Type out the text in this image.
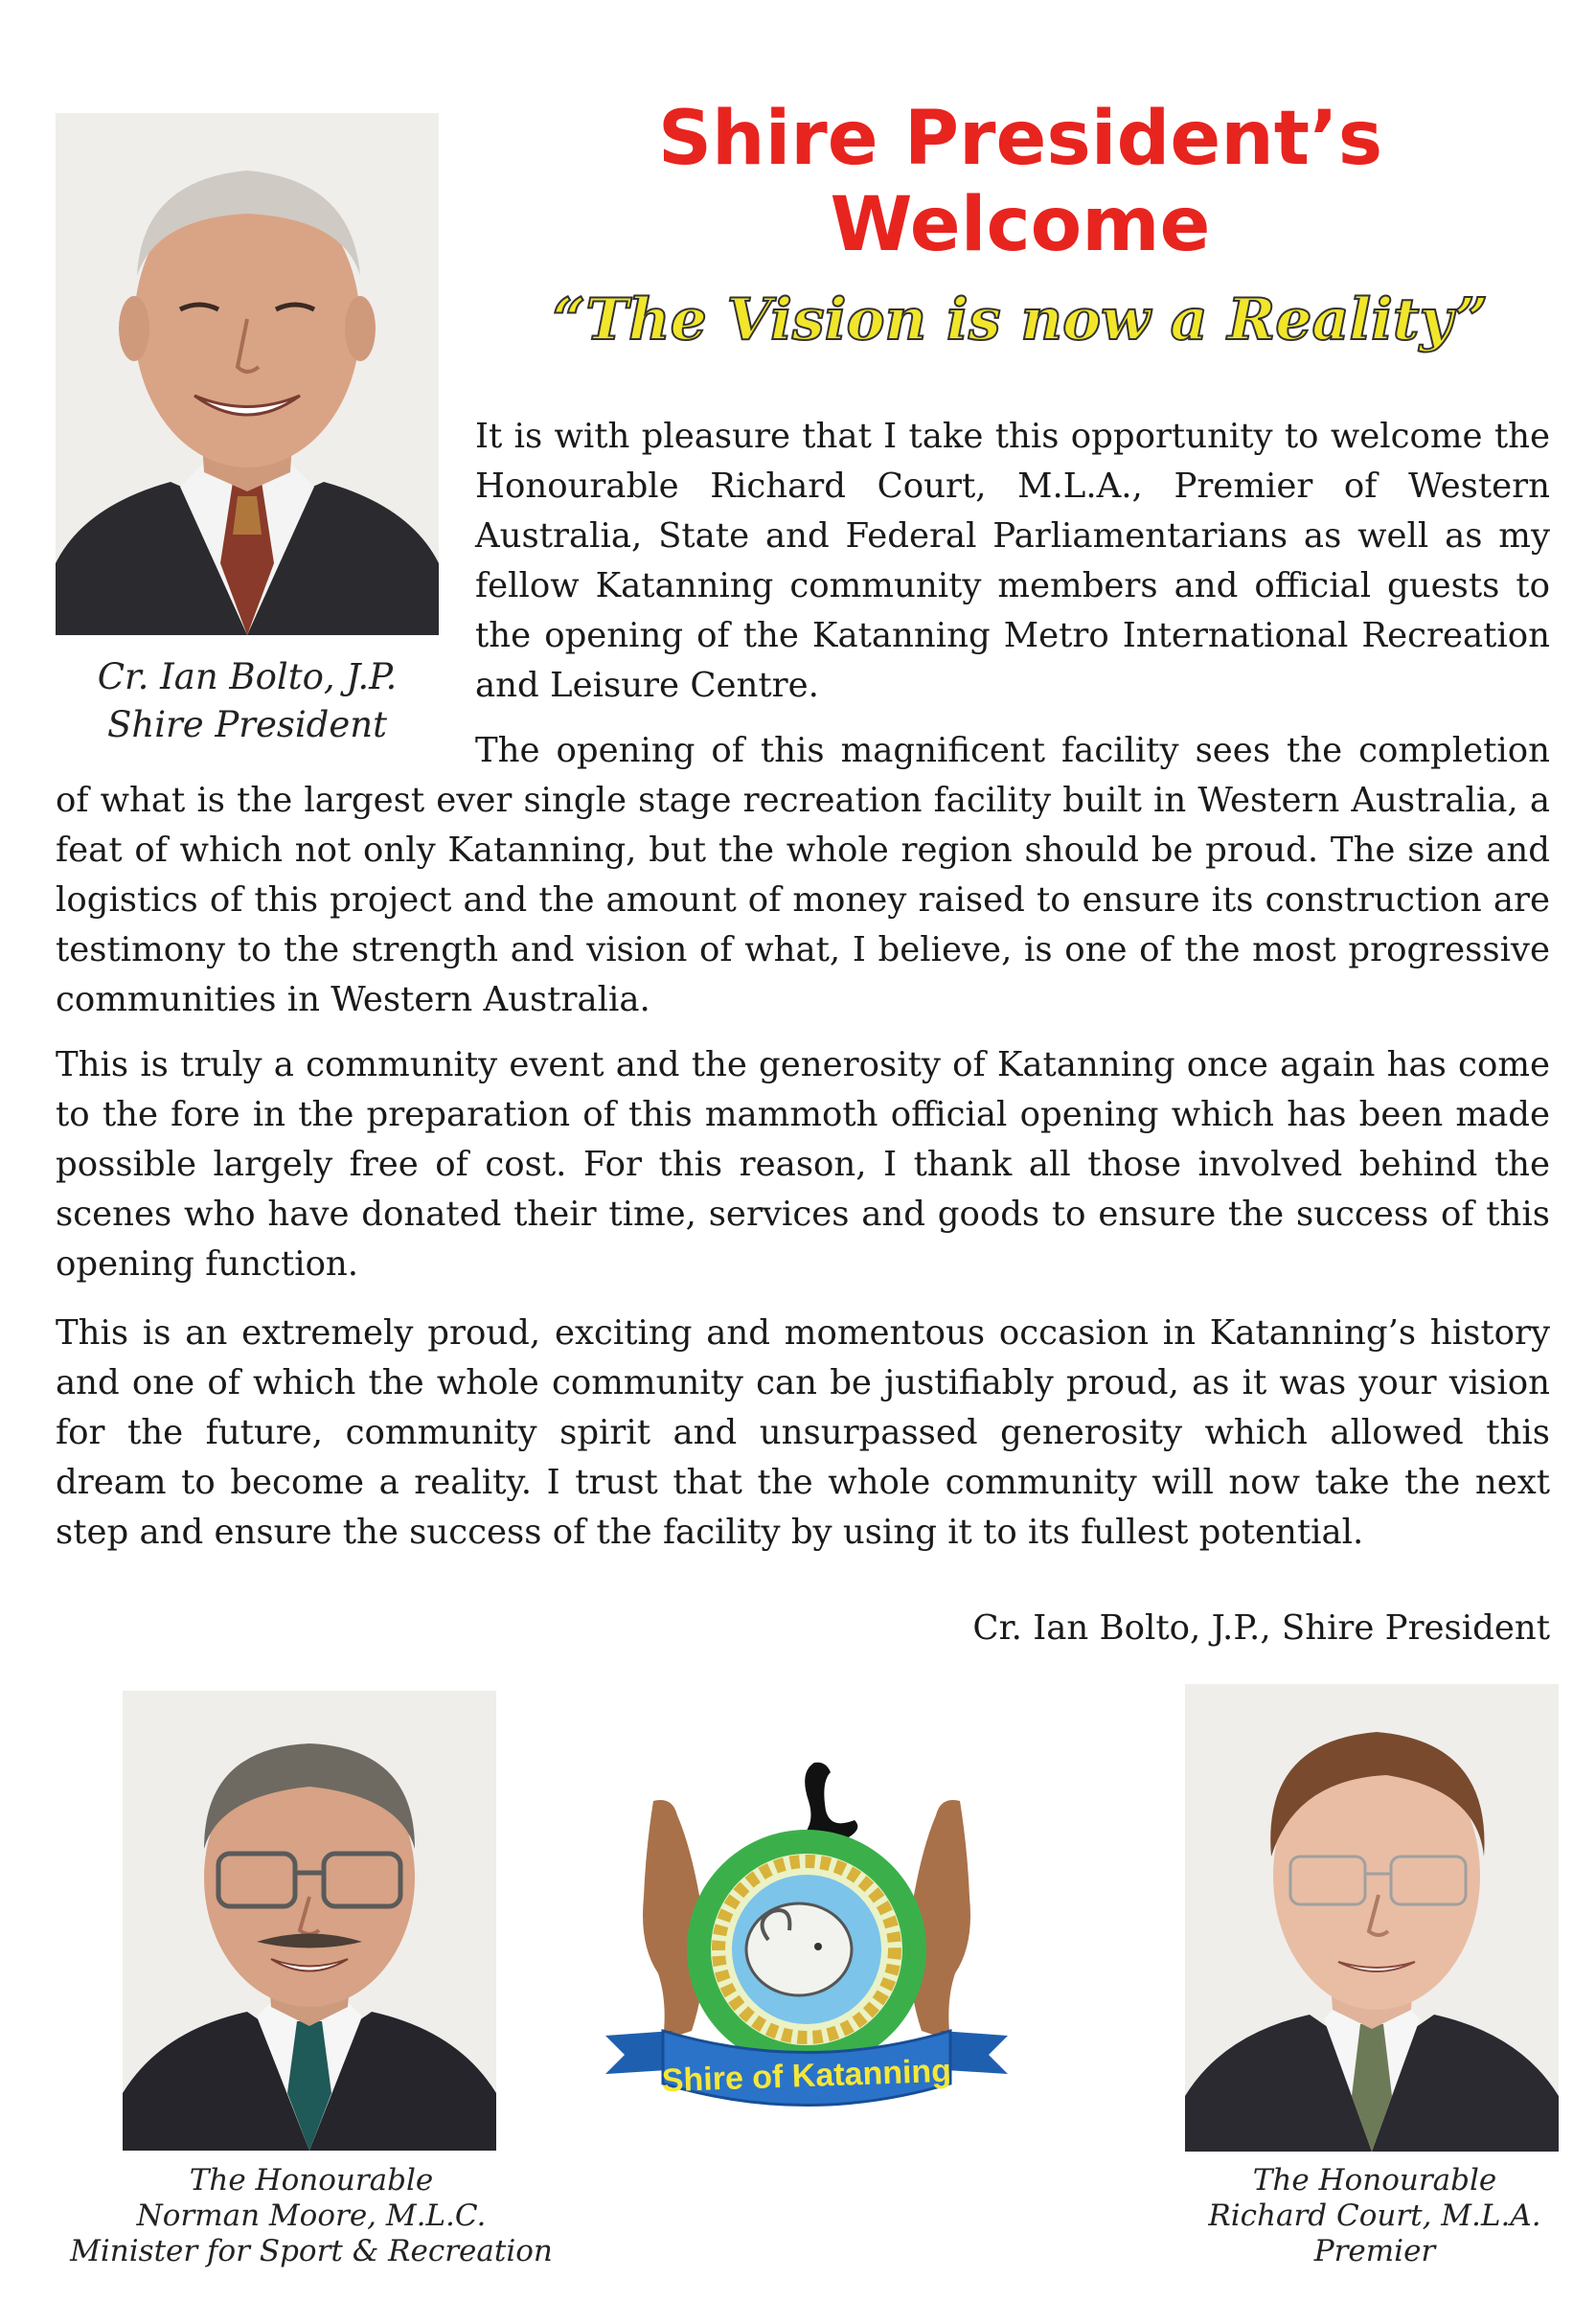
Cr. Ian Bolto, J.P.
Shire President
Shire President’s
Welcome
“The Vision is now a Reality”

It is with pleasure that I take this opportunity to welcome the Honourable Richard Court, M.L.A., Premier of Western Australia, State and Federal Parliamentarians as well as my fellow Katanning community members and official guests to the opening of the Katanning Metro International Recreation and Leisure Centre.

The opening of this magnificent facility sees the completion of what is the largest ever single stage recreation facility built in Western Australia, a feat of which not only Katanning, but the whole region should be proud. The size and logistics of this project and the amount of money raised to ensure its construction are testimony to the strength and vision of what, I believe, is one of the most progressive communities in Western Australia.

This is truly a community event and the generosity of Katanning once again has come to the fore in the preparation of this mammoth official opening which has been made possible largely free of cost. For this reason, I thank all those involved behind the scenes who have donated their time, services and goods to ensure the success of this opening function.

This is an extremely proud, exciting and momentous occasion in Katanning’s history and one of which the whole community can be justifiably proud, as it was your vision for the future, community spirit and unsurpassed generosity which allowed this dream to become a reality. I trust that the whole community will now take the next step and ensure the success of the facility by using it to its fullest potential.

Cr. Ian Bolto, J.P., Shire President
The Honourable
Norman Moore, M.L.C.
Minister for Sport & Recreation
Shire of Katanning
The Honourable
Richard Court, M.L.A.
Premier
